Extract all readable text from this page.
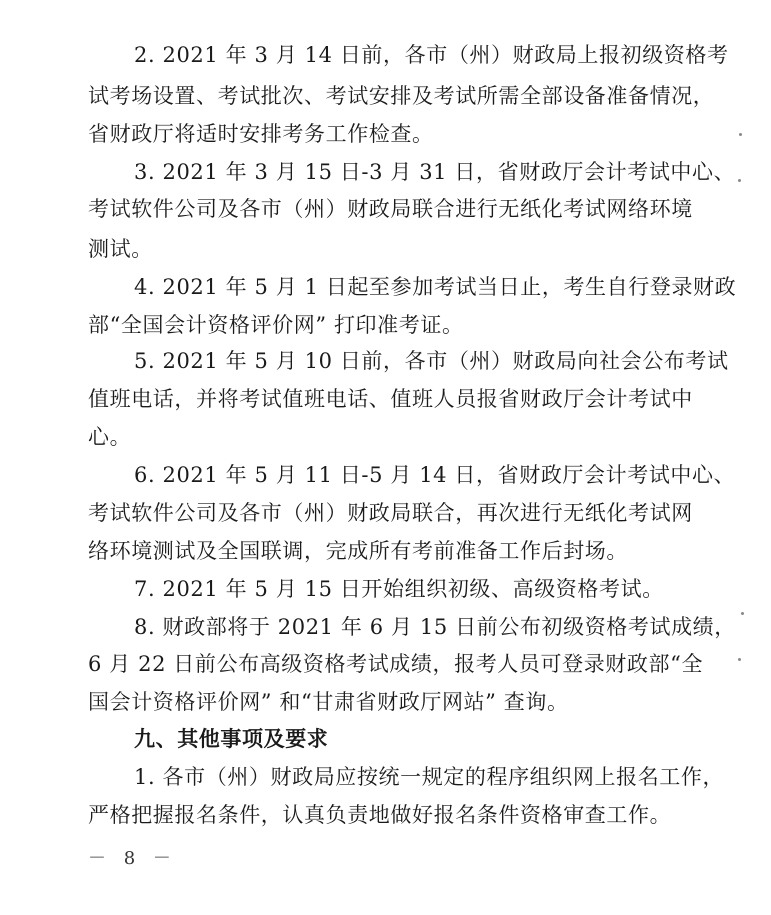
2. 2021 年 3 月 14 日前，各市（州）财政局上报初级资格考
试考场设置、考试批次、考试安排及考试所需全部设备准备情况，
省财政厅将适时安排考务工作检查。
3. 2021 年 3 月 15 日-3 月 31 日，省财政厅会计考试中心、
考试软件公司及各市（州）财政局联合进行无纸化考试网络环境
测试。
4. 2021 年 5 月 1 日起至参加考试当日止，考生自行登录财政
部“全国会计资格评价网” 打印准考证。
5. 2021 年 5 月 10 日前，各市（州）财政局向社会公布考试
值班电话，并将考试值班电话、值班人员报省财政厅会计考试中
心。
6. 2021 年 5 月 11 日-5 月 14 日，省财政厅会计考试中心、
考试软件公司及各市（州）财政局联合，再次进行无纸化考试网
络环境测试及全国联调，完成所有考前准备工作后封场。
7. 2021 年 5 月 15 日开始组织初级、高级资格考试。
8. 财政部将于 2021 年 6 月 15 日前公布初级资格考试成绩，
6 月 22 日前公布高级资格考试成绩，报考人员可登录财政部“全
国会计资格评价网” 和“甘肃省财政厅网站” 查询。
九、其他事项及要求
1. 各市（州）财政局应按统一规定的程序组织网上报名工作，
严格把握报名条件，认真负责地做好报名条件资格审查工作。
－ 8 －
